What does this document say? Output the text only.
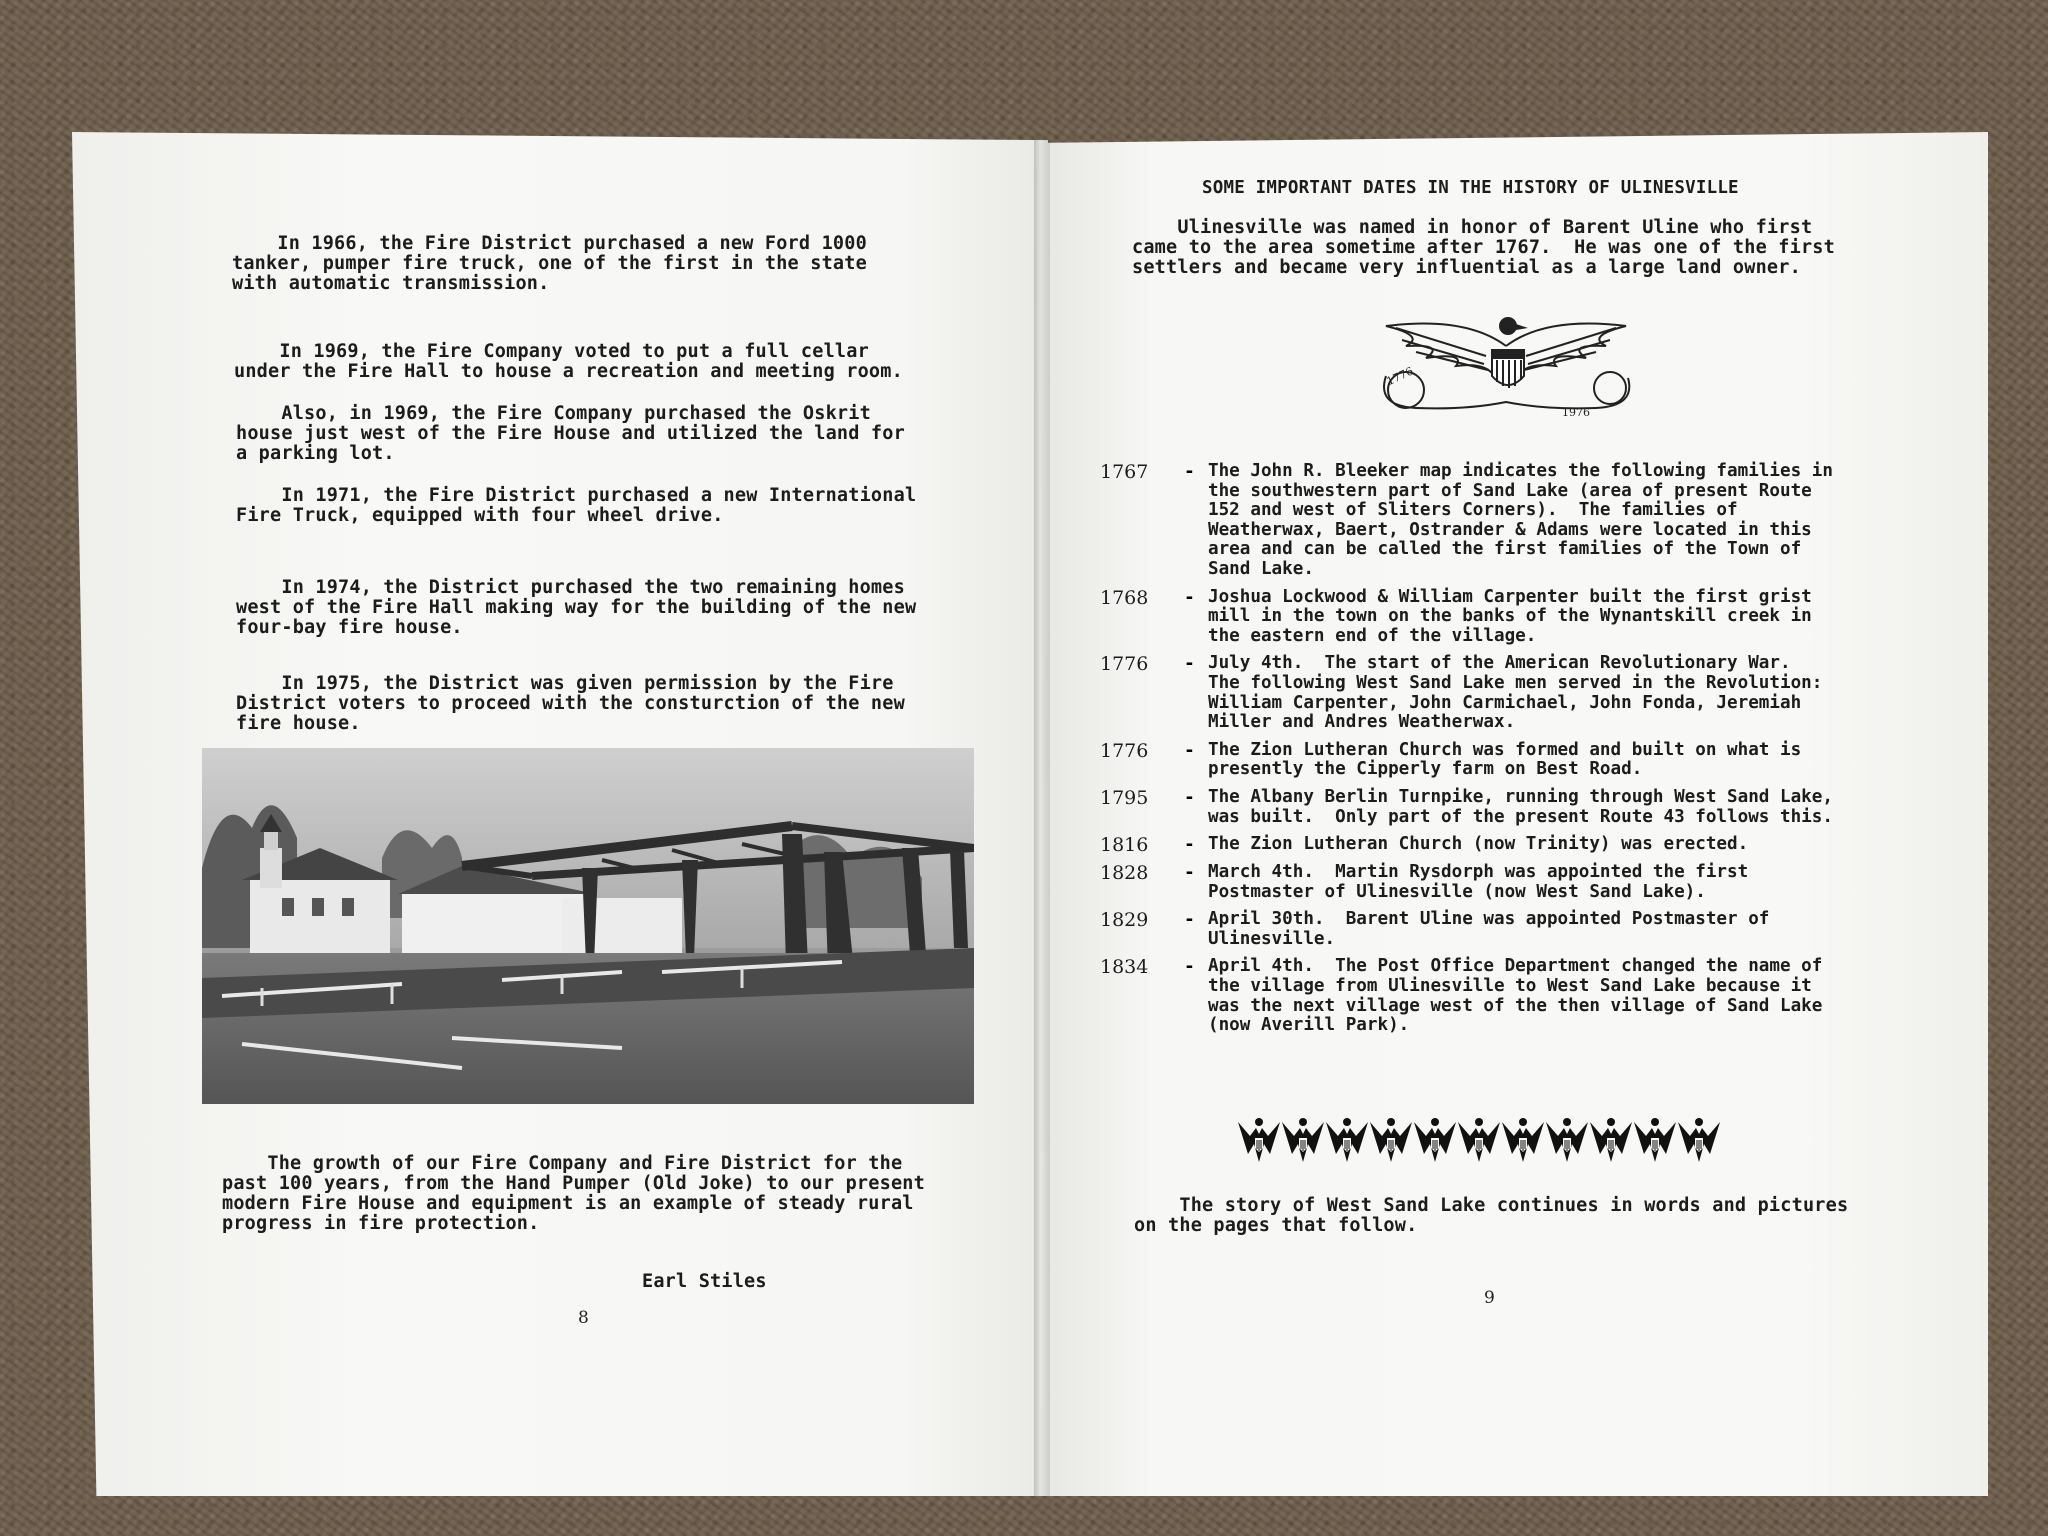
In 1966, the Fire District purchased a new Ford 1000
tanker, pumper fire truck, one of the first in the state
with automatic transmission.

In 1969, the Fire Company voted to put a full cellar
under the Fire Hall to house a recreation and meeting room.

Also, in 1969, the Fire Company purchased the Oskrit
house just west of the Fire House and utilized the land for
a parking lot.

In 1971, the Fire District purchased a new International
Fire Truck, equipped with four wheel drive.

In 1974, the District purchased the two remaining homes
west of the Fire Hall making way for the building of the new
four-bay fire house.

In 1975, the District was given permission by the Fire
District voters to proceed with the consturction of the new
fire house.

The growth of our Fire Company and Fire District for the
past 100 years, from the Hand Pumper (Old Joke) to our present
modern Fire House and equipment is an example of steady rural
progress in fire protection.

Earl Stiles

8

SOME IMPORTANT DATES IN THE HISTORY OF ULINESVILLE

Ulinesville was named in honor of Barent Uline who first
came to the area sometime after 1767.  He was one of the first
settlers and became very influential as a large land owner.

1776
1976
1767	- The John R. Bleeker map indicates the following families in
the southwestern part of Sand Lake (area of present Route
152 and west of Sliters Corners).  The families of
Weatherwax, Baert, Ostrander & Adams were located in this
area and can be called the first families of the Town of
Sand Lake.
1768	- Joshua Lockwood & William Carpenter built the first grist
mill in the town on the banks of the Wynantskill creek in
the eastern end of the village.
1776	- July 4th.  The start of the American Revolutionary War.
The following West Sand Lake men served in the Revolution:
William Carpenter, John Carmichael, John Fonda, Jeremiah
Miller and Andres Weatherwax.
1776	- The Zion Lutheran Church was formed and built on what is
presently the Cipperly farm on Best Road.
1795	- The Albany Berlin Turnpike, running through West Sand Lake,
was built.  Only part of the present Route 43 follows this.
1816	- The Zion Lutheran Church (now Trinity) was erected.
1828	- March 4th.  Martin Rysdorph was appointed the first
Postmaster of Ulinesville (now West Sand Lake).
1829	- April 30th.  Barent Uline was appointed Postmaster of
Ulinesville.
1834	- April 4th.  The Post Office Department changed the name of
the village from Ulinesville to West Sand Lake because it
was the next village west of the then village of Sand Lake
(now Averill Park).

The story of West Sand Lake continues in words and pictures
on the pages that follow.

9
